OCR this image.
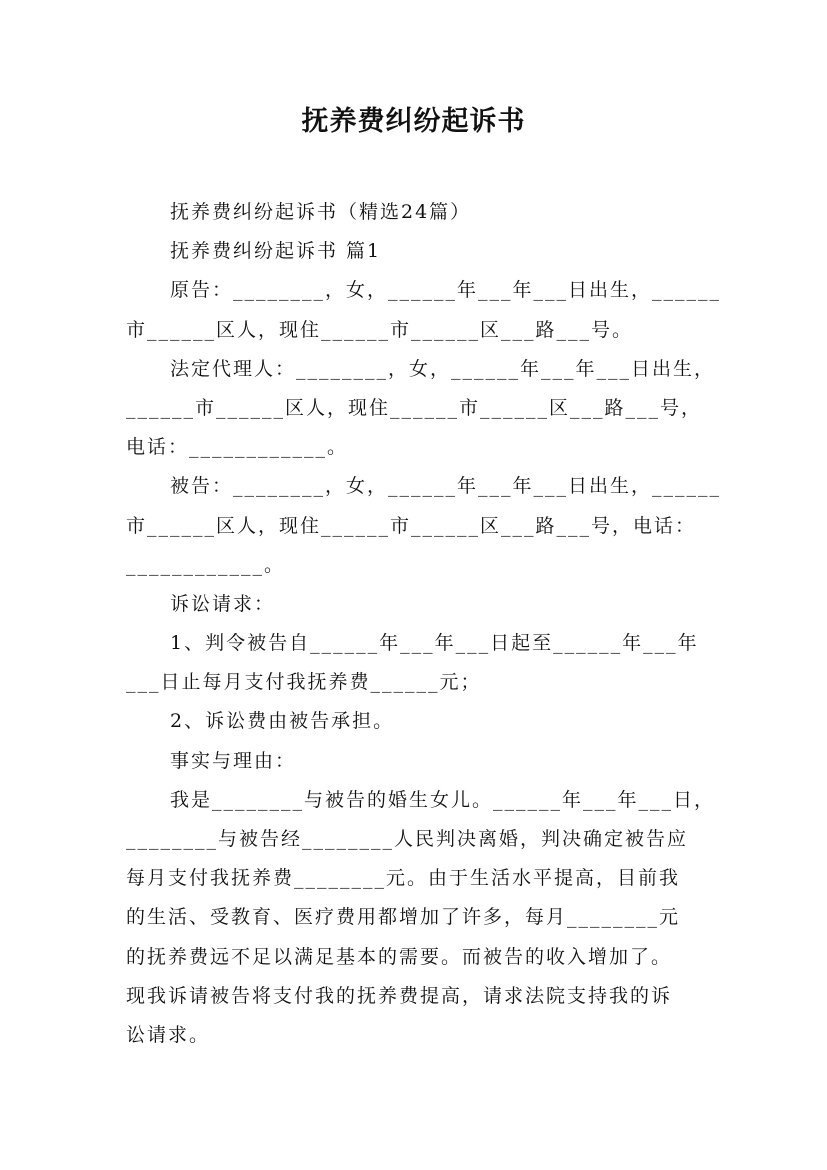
抚养费纠纷起诉书
抚养费纠纷起诉书（精选24篇）
抚养费纠纷起诉书 篇1
原告：________，女，______年___年___日出生，______
市______区人，现住______市______区___路___号。
法定代理人：________，女，______年___年___日出生，
______市______区人，现住______市______区___路___号，
电话：____________。
被告：________，女，______年___年___日出生，______
市______区人，现住______市______区___路___号，电话：
____________。
诉讼请求：
1、判令被告自______年___年___日起至______年___年
___日止每月支付我抚养费______元；
2、诉讼费由被告承担。
事实与理由：
我是________与被告的婚生女儿。______年___年___日，
________与被告经________人民判决离婚，判决确定被告应
每月支付我抚养费________元。由于生活水平提高，目前我
的生活、受教育、医疗费用都增加了许多，每月________元
的抚养费远不足以满足基本的需要。而被告的收入增加了。
现我诉请被告将支付我的抚养费提高，请求法院支持我的诉
讼请求。
